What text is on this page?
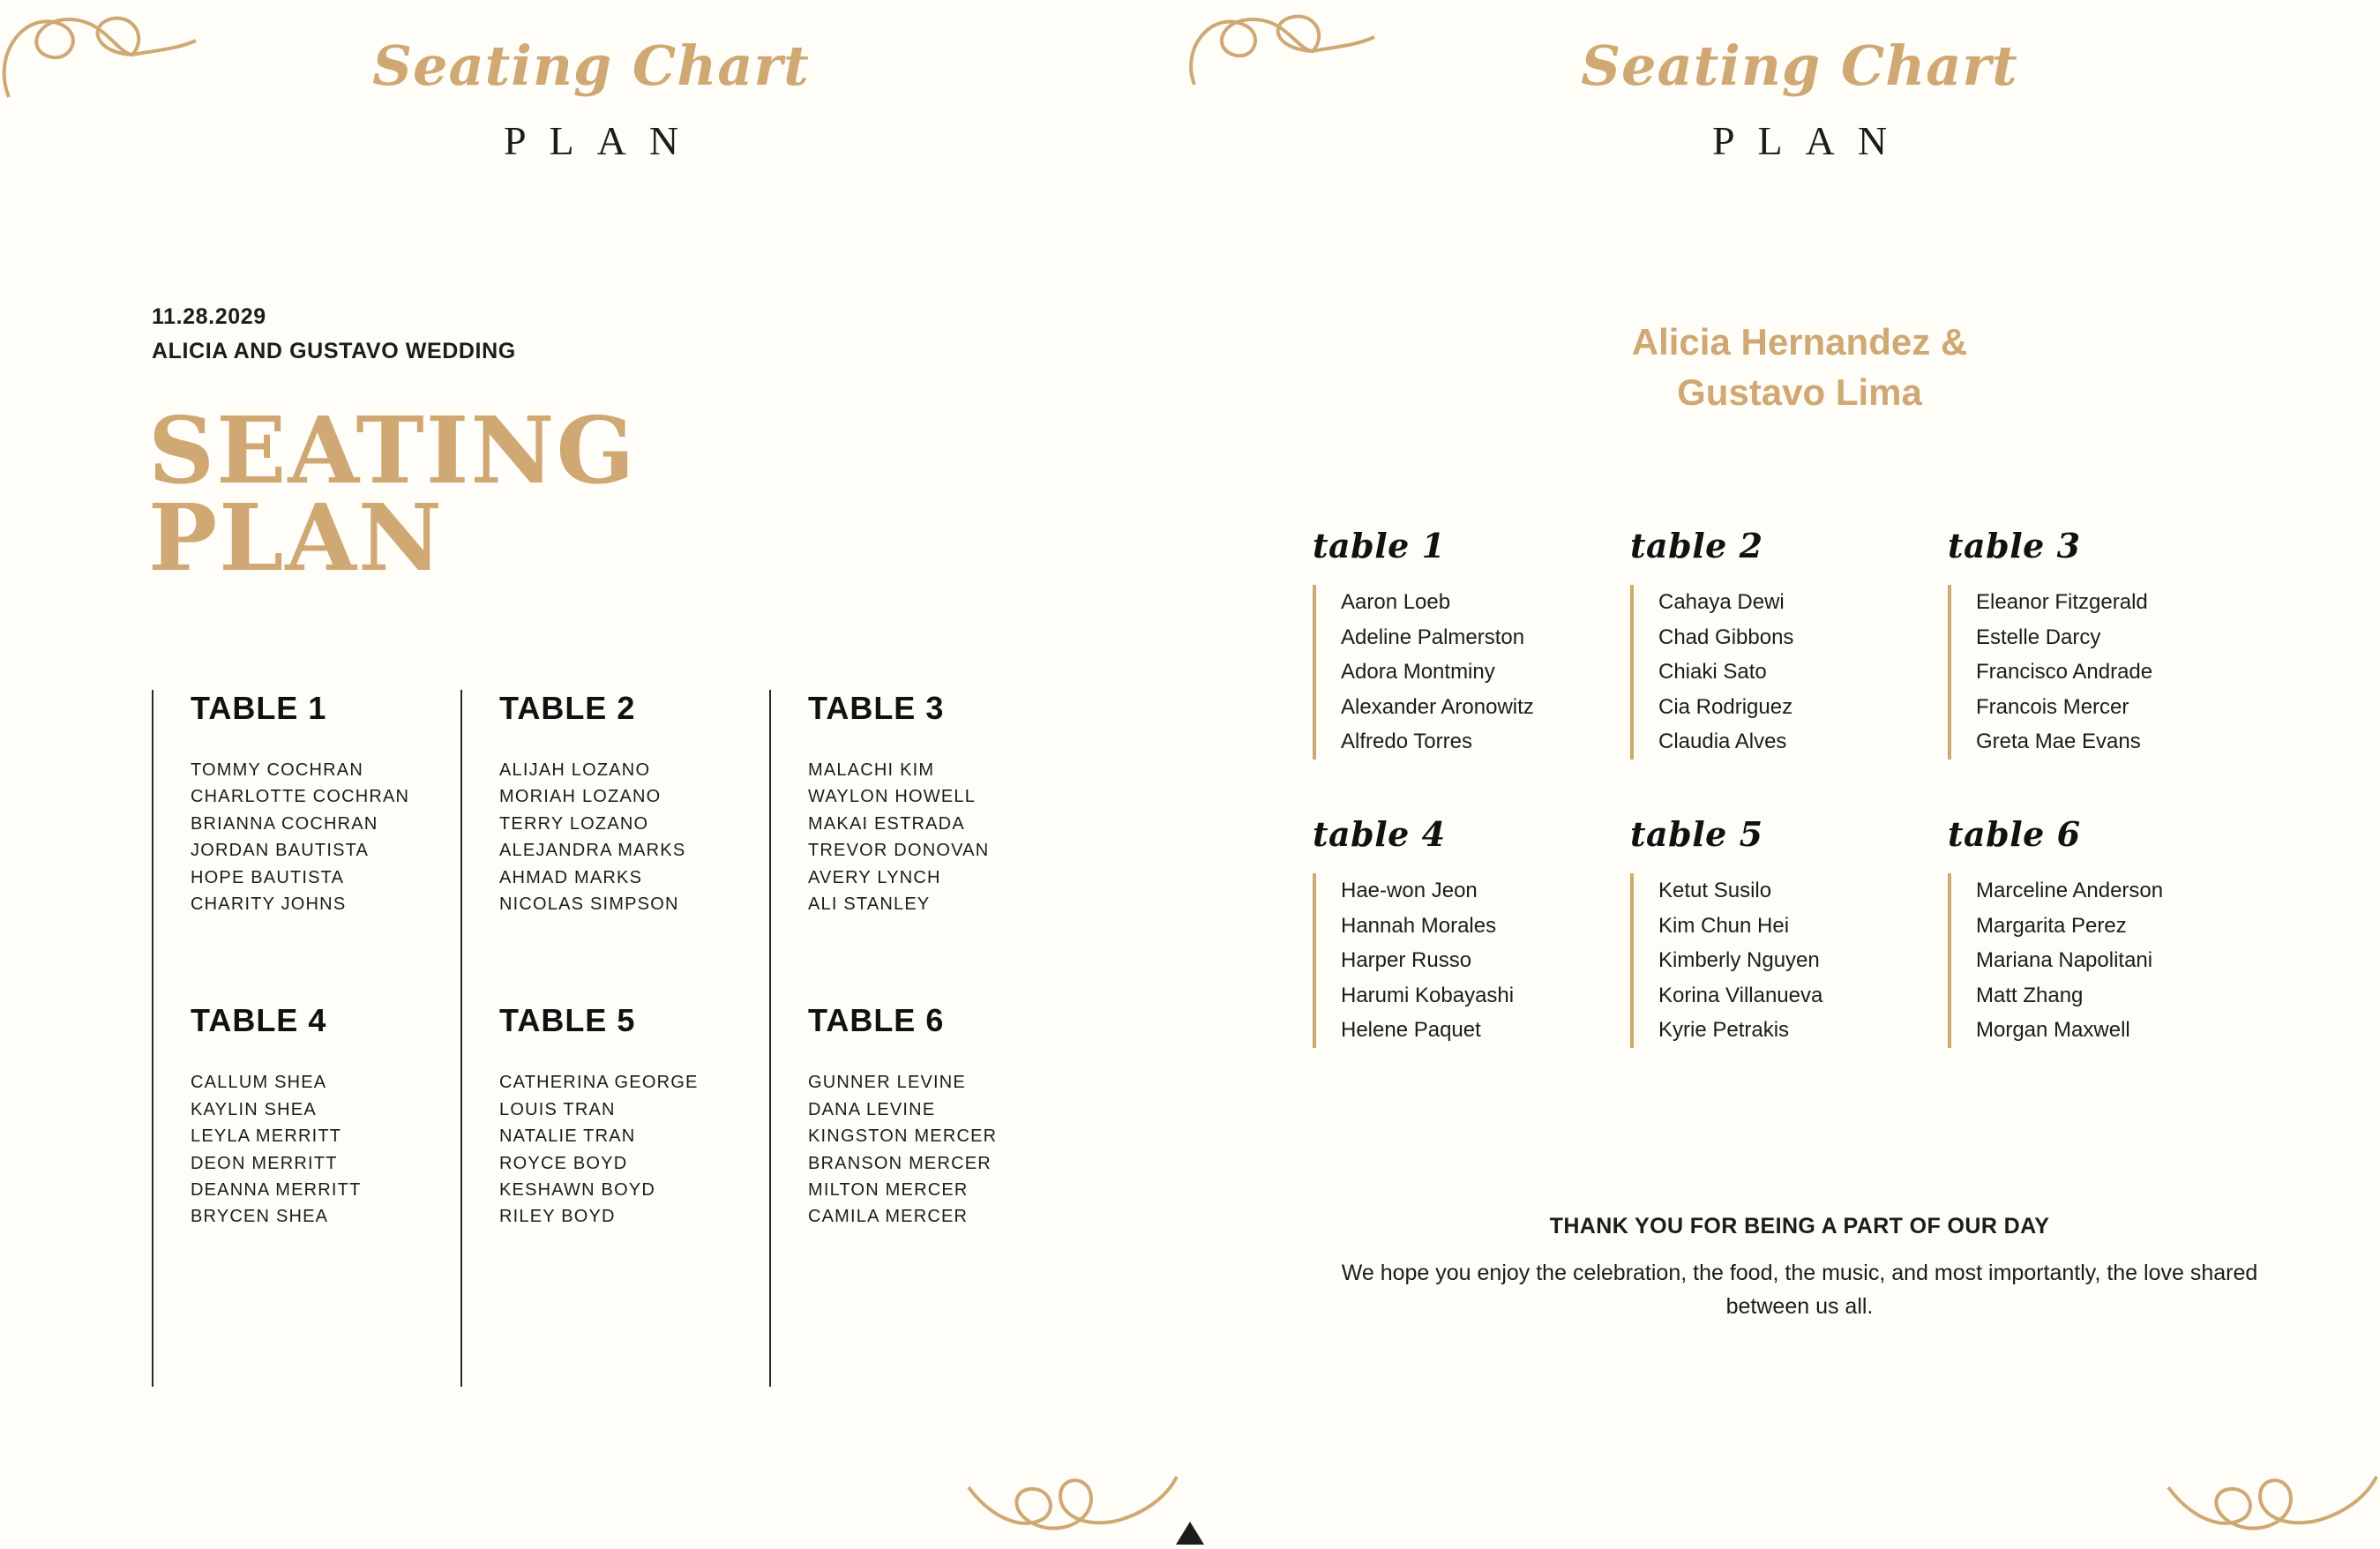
Seating Chart
PLAN
Seating Chart
PLAN
11.28.2029
ALICIA AND GUSTAVO WEDDING
SEATING
PLAN
TABLE 1
TOMMY COCHRAN
CHARLOTTE COCHRAN
BRIANNA COCHRAN
JORDAN BAUTISTA
HOPE BAUTISTA
CHARITY JOHNS
TABLE 4
CALLUM SHEA
KAYLIN SHEA
LEYLA MERRITT
DEON MERRITT
DEANNA MERRITT
BRYCEN SHEA
TABLE 2
ALIJAH LOZANO
MORIAH LOZANO
TERRY LOZANO
ALEJANDRA MARKS
AHMAD MARKS
NICOLAS SIMPSON
TABLE 5
CATHERINA GEORGE
LOUIS TRAN
NATALIE TRAN
ROYCE BOYD
KESHAWN BOYD
RILEY BOYD
TABLE 3
MALACHI KIM
WAYLON HOWELL
MAKAI ESTRADA
TREVOR DONOVAN
AVERY LYNCH
ALI STANLEY
TABLE 6
GUNNER LEVINE
DANA LEVINE
KINGSTON MERCER
BRANSON MERCER
MILTON MERCER
CAMILA MERCER
Alicia Hernandez &
Gustavo Lima
table 1
Aaron Loeb
Adeline Palmerston
Adora Montminy
Alexander Aronowitz
Alfredo Torres
table 2
Cahaya Dewi
Chad Gibbons
Chiaki Sato
Cia Rodriguez
Claudia Alves
table 3
Eleanor Fitzgerald
Estelle Darcy
Francisco Andrade
Francois Mercer
Greta Mae Evans
table 4
Hae-won Jeon
Hannah Morales
Harper Russo
Harumi Kobayashi
Helene Paquet
table 5
Ketut Susilo
Kim Chun Hei
Kimberly Nguyen
Korina Villanueva
Kyrie Petrakis
table 6
Marceline Anderson
Margarita Perez
Mariana Napolitani
Matt Zhang
Morgan Maxwell
THANK YOU FOR BEING A PART OF OUR DAY
We hope you enjoy the celebration, the food, the music, and most importantly, the love shared between us all.
